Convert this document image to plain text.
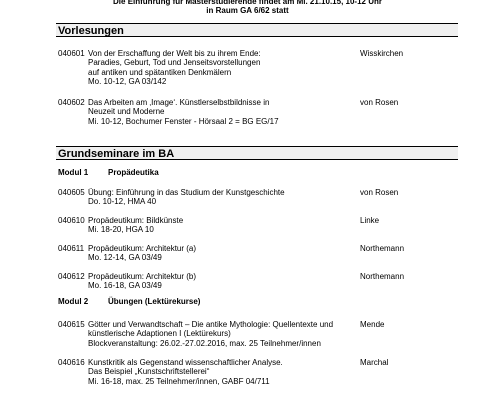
Die Einführung für Masterstudierende findet am Mi. 21.10.15, 10-12 Uhr
in Raum GA 6/62 statt
Vorlesungen
040601 Von der Erschaffung der Welt bis zu ihrem Ende:
Paradies, Geburt, Tod und Jenseitsvorstellungen
auf antiken und spätantiken Denkmälern
Mo. 10-12, GA 03/142
Wisskirchen
040602 Das Arbeiten am ‚Image‘. Künstlerselbstbildnisse in
Neuzeit und Moderne
Mi. 10-12, Bochumer Fenster - Hörsaal 2 = BG EG/17
von Rosen
Grundseminare im BA
Modul 1 Propädeutika
040605 Übung: Einführung in das Studium der Kunstgeschichte
Do. 10-12, HMA 40
von Rosen
040610 Propädeutikum: Bildkünste
Mi. 18-20, HGA 10
Linke
040611 Propädeutikum: Architektur (a)
Mo. 12-14, GA 03/49
Northemann
040612 Propädeutikum: Architektur (b)
Mo. 16-18, GA 03/49
Northemann
Modul 2 Übungen (Lektürekurse)
040615 Götter und Verwandtschaft – Die antike Mythologie: Quellentexte und
künstlerische Adaptionen I (Lektürekurs)
Blockveranstaltung: 26.02.-27.02.2016, max. 25 Teilnehmer/innen
Mende
040616 Kunstkritik als Gegenstand wissenschaftlicher Analyse.
Das Beispiel „Kunstschriftstellerei“
Mi. 16-18, max. 25 Teilnehmer/innen, GABF 04/711
Marchal
